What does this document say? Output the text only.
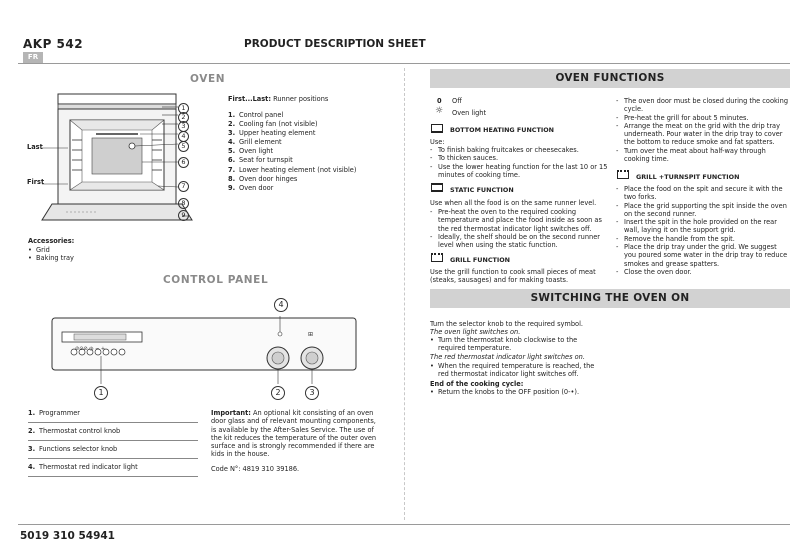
AKP 542
FR
PRODUCT DESCRIPTION SHEET
OVEN
Last
First
1
2
3
4
5
6
7
8
9
First...Last: Runner positions
1. Control panel
2. Cooling fan (not visible)
3. Upper heating element
4. Grill element
5. Oven light
6. Seat for turnspit
7. Lower heating element (not visible)
8. Oven door hinges
9. Oven door
Accessories:
• Grid
• Baking tray
CONTROL PANEL
⊞
⊘⊙⊘ ◷ − +
4
1	2	3
1. Programmer
2. Thermostat control knob
3. Functions selector knob
4. Thermostat red indicator light
Important: An optional kit consisting of an oven door glass and of relevant mounting components, is available by the After-Sales Service. The use of the kit reduces the temperature of the outer oven surface and is strongly recommended if there are kids in the house.
Code N°: 4819 310 39186.
OVEN FUNCTIONS
0 Off
☼ Oven light
BOTTOM HEATING FUNCTION
Use:
- To finish baking fruitcakes or cheesecakes.
- To thicken sauces.
- Use the lower heating function for the last 10 or 15 minutes of cooking time.
STATIC FUNCTION
Use when all the food is on the same runner level.
- Pre-heat the oven to the required cooking temperature and place the food inside as soon as the red thermostat indicator light switches off.
- Ideally, the shelf should be on the second runner level when using the static function.
GRILL FUNCTION
Use the grill function to cook small pieces of meat (steaks, sausages) and for making toasts.
- The oven door must be closed during the cooking cycle.
- Pre-heat the grill for about 5 minutes.
- Arrange the meat on the grid with the drip tray underneath. Pour water in the drip tray to cover the bottom to reduce smoke and fat spatters.
- Turn over the meat about half-way through cooking time.
GRILL +TURNSPIT FUNCTION
- Place the food on the spit and secure it with the two forks.
- Place the grid supporting the spit inside the oven on the second runner.
- Insert the spit in the hole provided on the rear wall, laying it on the support grid.
- Remove the handle from the spit.
- Place the drip tray under the grid. We suggest you poured some water in the drip tray to reduce smokes and grease spatters.
- Close the oven door.
SWITCHING THE OVEN ON
Turn the selector knob to the required symbol.
The oven light switches on.
• Turn the thermostat knob clockwise to the required temperature.
The red thermostat indicator light switches on.
• When the required temperature is reached, the red thermostat indicator light switches off.
End of the cooking cycle:
• Return the knobs to the OFF position (0-•).
5019 310 54941
